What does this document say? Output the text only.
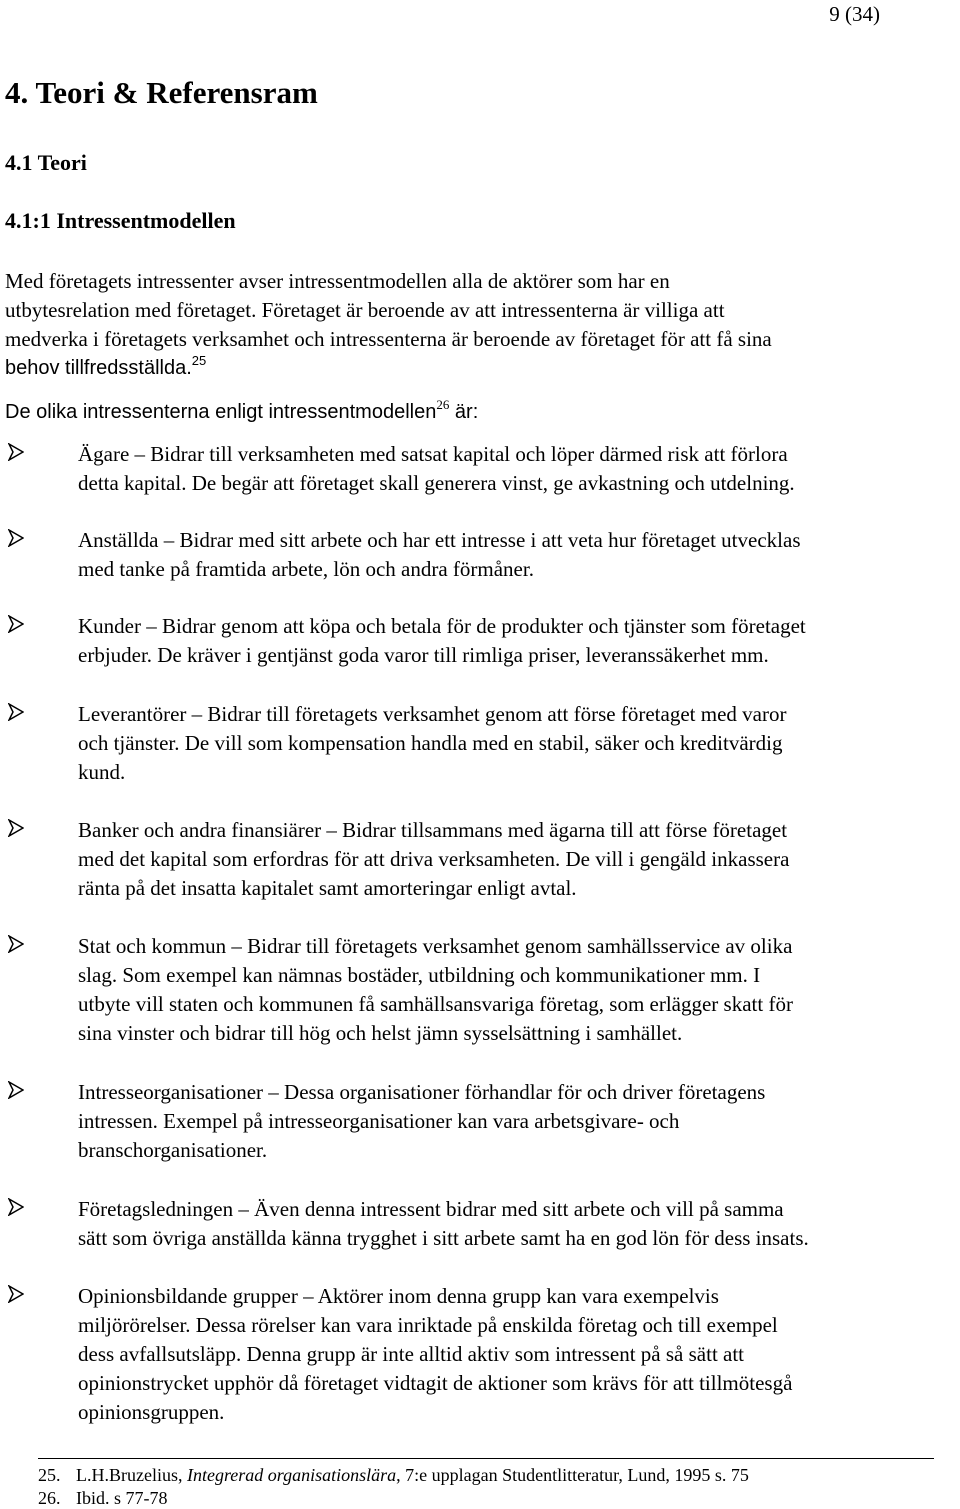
9 (34)
4. Teori & Referensram
4.1 Teori
4.1:1 Intressentmodellen
Med företagets intressenter avser intressentmodellen alla de aktörer som har en
utbytesrelation med företaget. Företaget är beroende av att intressenterna är villiga att
medverka i företagets verksamhet och intressenterna är beroende av företaget för att få sina
behov tillfredsställda.$^{25}$
De olika intressenterna enligt intressentmodellen$^{26}$ är:
Ägare – Bidrar till verksamheten med satsat kapital och löper därmed risk att förlora
detta kapital. De begär att företaget skall generera vinst, ge avkastning och utdelning.
Anställda – Bidrar med sitt arbete och har ett intresse i att veta hur företaget utvecklas
med tanke på framtida arbete, lön och andra förmåner.
Kunder – Bidrar genom att köpa och betala för de produkter och tjänster som företaget
erbjuder. De kräver i gentjänst goda varor till rimliga priser, leveranssäkerhet mm.
Leverantörer – Bidrar till företagets verksamhet genom att förse företaget med varor
och tjänster. De vill som kompensation handla med en stabil, säker och kreditvärdig
kund.
Banker och andra finansiärer – Bidrar tillsammans med ägarna till att förse företaget
med det kapital som erfordras för att driva verksamheten. De vill i gengäld inkassera
ränta på det insatta kapitalet samt amorteringar enligt avtal.
Stat och kommun – Bidrar till företagets verksamhet genom samhällsservice av olika
slag. Som exempel kan nämnas bostäder, utbildning och kommunikationer mm. I
utbyte vill staten och kommunen få samhällsansvariga företag, som erlägger skatt för
sina vinster och bidrar till hög och helst jämn sysselsättning i samhället.
Intresseorganisationer – Dessa organisationer förhandlar för och driver företagens
intressen. Exempel på intresseorganisationer kan vara arbetsgivare- och
branschorganisationer.
Företagsledningen – Även denna intressent bidrar med sitt arbete och vill på samma
sätt som övriga anställda känna trygghet i sitt arbete samt ha en god lön för dess insats.
Opinionsbildande grupper – Aktörer inom denna grupp kan vara exempelvis
miljörörelser. Dessa rörelser kan vara inriktade på enskilda företag och till exempel
dess avfallsutsläpp. Denna grupp är inte alltid aktiv som intressent på så sätt att
opinionstrycket upphör då företaget vidtagit de aktioner som krävs för att tillmötesgå
opinionsgruppen.
25. L.H.Bruzelius, Integrerad organisationslära, 7:e upplagan Studentlitteratur, Lund, 1995 s. 75
26. Ibid. s 77-78
